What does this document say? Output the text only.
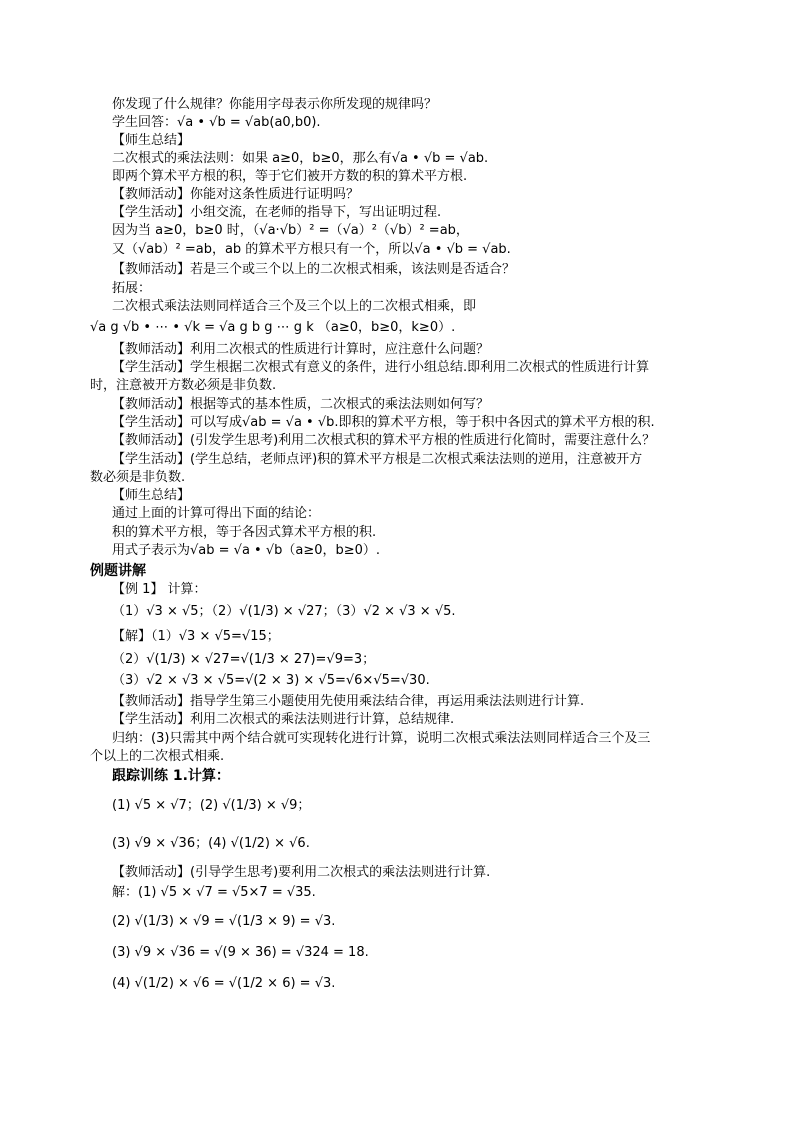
你发现了什么规律？你能用字母表示你所发现的规律吗？
学生回答：√a • √b = √ab(a0,b0).
【师生总结】
二次根式的乘法法则：如果 a≥0，b≥0，那么有√a • √b = √ab.
即两个算术平方根的积，等于它们被开方数的积的算术平方根.
【教师活动】你能对这条性质进行证明吗？
【学生活动】小组交流，在老师的指导下，写出证明过程.
因为当 a≥0，b≥0 时，（√a·√b）² =（√a）²（√b）² =ab，
又（√ab）² =ab，ab 的算术平方根只有一个，所以√a • √b = √ab.
【教师活动】若是三个或三个以上的二次根式相乘，该法则是否适合？
拓展：
二次根式乘法法则同样适合三个及三个以上的二次根式相乘，即
√a g √b • ⋯ • √k = √a g b g ⋯ g k （a≥0，b≥0，k≥0）.
【教师活动】利用二次根式的性质进行计算时，应注意什么问题？
【学生活动】学生根据二次根式有意义的条件，进行小组总结.即利用二次根式的性质进行计算
时，注意被开方数必须是非负数.
【教师活动】根据等式的基本性质，二次根式的乘法法则如何写？
【学生活动】可以写成√ab = √a • √b.即积的算术平方根，等于积中各因式的算术平方根的积.
【教师活动】(引发学生思考)利用二次根式积的算术平方根的性质进行化简时，需要注意什么？
【学生活动】(学生总结，老师点评)积的算术平方根是二次根式乘法法则的逆用，注意被开方
数必须是非负数.
【师生总结】
通过上面的计算可得出下面的结论：
积的算术平方根，等于各因式算术平方根的积.
用式子表示为√ab = √a • √b（a≥0，b≥0）.
例题讲解
【例 1】 计算：
（1）√3 × √5；（2）√(1/3) × √27；（3）√2 × √3 × √5.
【解】（1）√3 × √5=√15；
（2）√(1/3) × √27=√(1/3 × 27)=√9=3；
（3）√2 × √3 × √5=√(2 × 3) × √5=√6×√5=√30.
【教师活动】指导学生第三小题使用先使用乘法结合律，再运用乘法法则进行计算.
【学生活动】利用二次根式的乘法法则进行计算，总结规律.
归纳：(3)只需其中两个结合就可实现转化进行计算，说明二次根式乘法法则同样适合三个及三
个以上的二次根式相乘.
跟踪训练 1.计算：
(1) √5 × √7；(2) √(1/3) × √9；
(3) √9 × √36；(4) √(1/2) × √6.
【教师活动】(引导学生思考)要利用二次根式的乘法法则进行计算.
解：(1) √5 × √7 = √5×7 = √35.
(2) √(1/3) × √9 = √(1/3 × 9) = √3.
(3) √9 × √36 = √(9 × 36) = √324 = 18.
(4) √(1/2) × √6 = √(1/2 × 6) = √3.
